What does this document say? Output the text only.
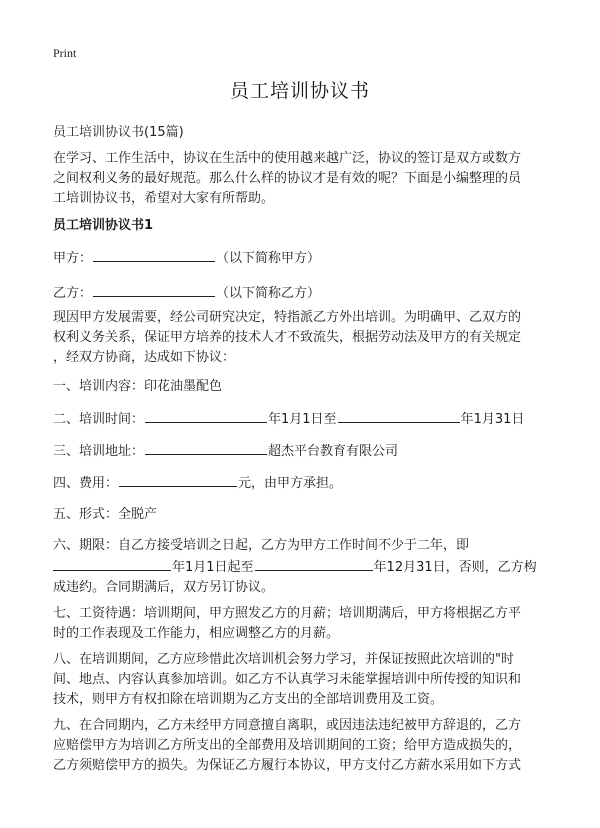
Print
员工培训协议书
员工培训协议书(15篇)
在学习、工作生活中，协议在生活中的使用越来越广泛，协议的签订是双方或数方
之间权利义务的最好规范。那么什么样的协议才是有效的呢？下面是小编整理的员
工培训协议书，希望对大家有所帮助。
员工培训协议书1
甲方：	（以下简称甲方）
乙方：	（以下简称乙方）
现因甲方发展需要，经公司研究决定，特指派乙方外出培训。为明确甲、乙双方的
权利义务关系，保证甲方培养的技术人才不致流失，根据劳动法及甲方的有关规定
，经双方协商，达成如下协议：
一、培训内容：印花油墨配色
二、培训时间：	年1月1日至	年1月31日
三、培训地址：	超杰平台教育有限公司
四、费用：	元，由甲方承担。
五、形式：全脱产
六、期限：自乙方接受培训之日起，乙方为甲方工作时间不少于二年，即
年1月1日起至	年12月31日，否则，乙方构
成违约。合同期满后，双方另订协议。
七、工资待遇：培训期间，甲方照发乙方的月薪；培训期满后，甲方将根据乙方平
时的工作表现及工作能力，相应调整乙方的月薪。
八、在培训期间，乙方应珍惜此次培训机会努力学习，并保证按照此次培训的"时
间、地点、内容认真参加培训。如乙方不认真学习未能掌握培训中所传授的知识和
技术，则甲方有权扣除在培训期为乙方支出的全部培训费用及工资。
九、在合同期内，乙方未经甲方同意擅自离职，或因违法违纪被甲方辞退的，乙方
应赔偿甲方为培训乙方所支出的全部费用及培训期间的工资；给甲方造成损失的，
乙方须赔偿甲方的损失。为保证乙方履行本协议，甲方支付乙方薪水采用如下方式
